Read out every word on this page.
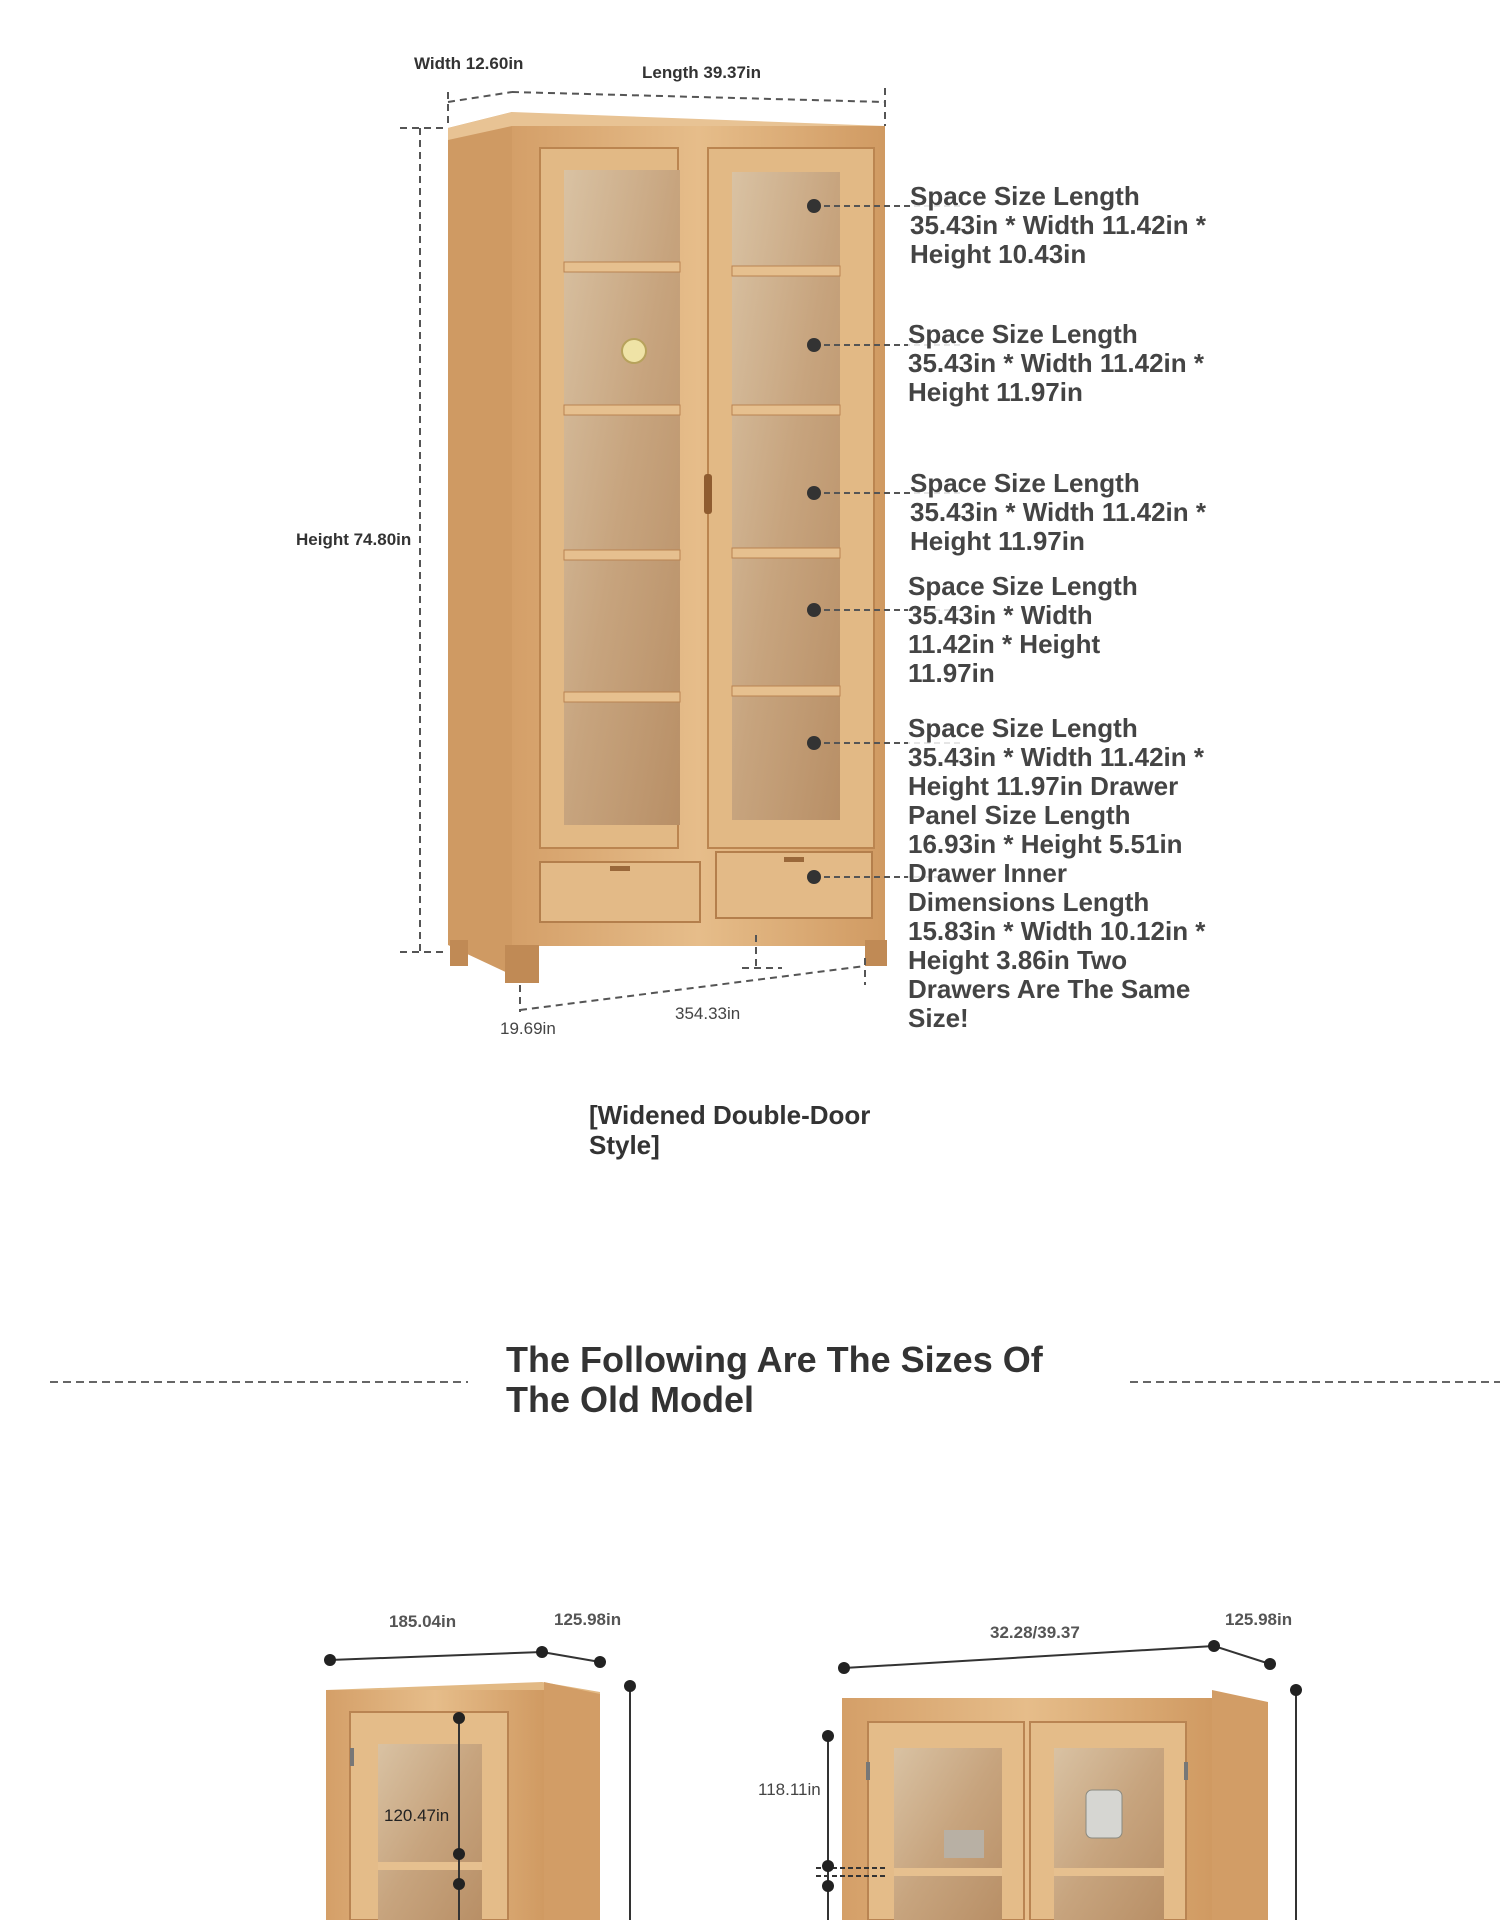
Width 12.60in	Length 39.37in
Height 74.80in
19.69in
354.33in
Space Size Length 35.43in * Width 11.42in * Height 10.43in
Space Size Length 35.43in * Width 11.42in * Height 11.97in
Space Size Length 35.43in * Width 11.42in * Height 11.97in
Space Size Length 35.43in * Width 11.42in * Height 11.97in
Space Size Length 35.43in * Width 11.42in * Height 11.97in Drawer Panel Size Length 16.93in * Height 5.51in Drawer Inner Dimensions Length 15.83in * Width 10.12in * Height 3.86in Two Drawers Are The Same Size!
[Widened Double-Door Style]
The Following Are The Sizes Of The Old Model
185.04in	125.98in
120.47in
32.28/39.37
125.98in
118.11in
